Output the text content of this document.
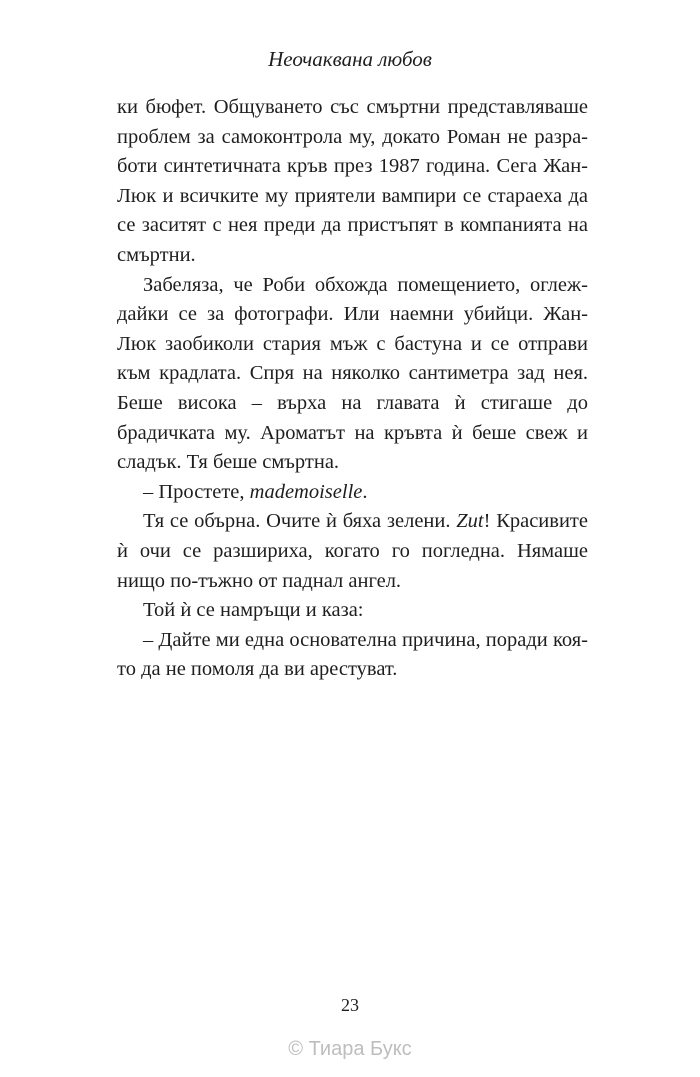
Неочаквана любов

ки бюфет. Общуването със смъртни представляваше проблем за самоконтрола му, докато Роман не разработи синтетичната кръв през 1987 година. Сега Жан-Люк и всичките му приятели вампири се стараеха да се заситят с нея преди да пристъпят в компанията на смъртни.

Забеляза, че Роби обхожда помещението, оглеждайки се за фотографи. Или наемни убийци. Жан-Люк заобиколи стария мъж с бастуна и се отправи към крадлата. Спря на няколко сантиметра зад нея. Беше висока – върха на главата ѝ стигаше до брадичката му. Ароматът на кръвта ѝ беше свеж и сладък. Тя беше смъртна.

– Простете, mademoiselle.

Тя се обърна. Очите ѝ бяха зелени. Zut! Красивите ѝ очи се разшириха, когато го погледна. Нямаше нищо по-тъжно от паднал ангел.

Той ѝ се намръщи и каза:

– Дайте ми една основателна причина, поради която да не помоля да ви арестуват.

23
© Тиара Букс
